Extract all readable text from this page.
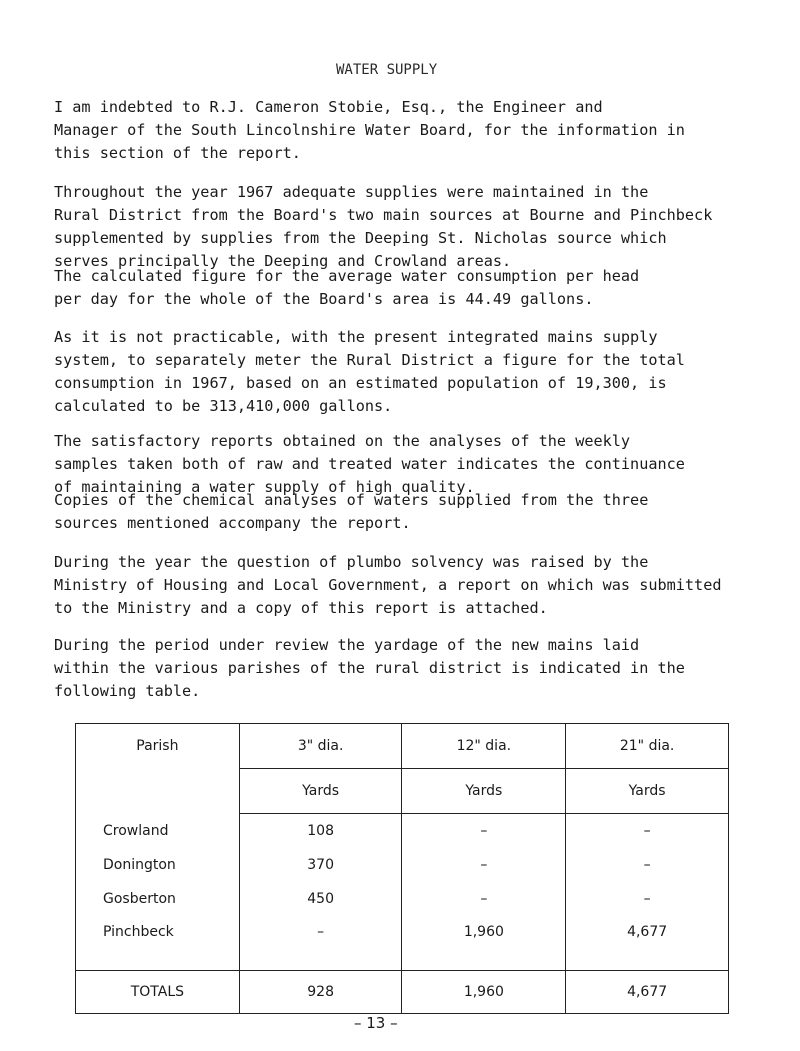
WATER SUPPLY
I am indebted to R.J. Cameron Stobie, Esq., the Engineer and
Manager of the South Lincolnshire Water Board, for the information in
this section of the report.
Throughout the year 1967 adequate supplies were maintained in the
Rural District from the Board's two main sources at Bourne and Pinchbeck
supplemented by supplies from the Deeping St. Nicholas source which
serves principally the Deeping and Crowland areas.
The calculated figure for the average water consumption per head
per day for the whole of the Board's area is 44.49 gallons.
As it is not practicable, with the present integrated mains supply
system, to separately meter the Rural District a figure for the total
consumption in 1967, based on an estimated population of 19,300, is
calculated to be 313,410,000 gallons.
The satisfactory reports obtained on the analyses of the weekly
samples taken both of raw and treated water indicates the continuance
of maintaining a water supply of high quality.
Copies of the chemical analyses of waters supplied from the three
sources mentioned accompany the report.
During the year the question of plumbo solvency was raised by the
Ministry of Housing and Local Government, a report on which was submitted
to the Ministry and a copy of this report is attached.
During the period under review the yardage of the new mains laid
within the various parishes of the rural district is indicated in the
following table.
Parish	3" dia.	12" dia.	21" dia.
	Yards	Yards	Yards
Crowland	108	–	–
Donington	370	–	–
Gosberton	450	–	–
Pinchbeck	–	1,960	4,677
TOTALS	928	1,960	4,677
– 13 –
